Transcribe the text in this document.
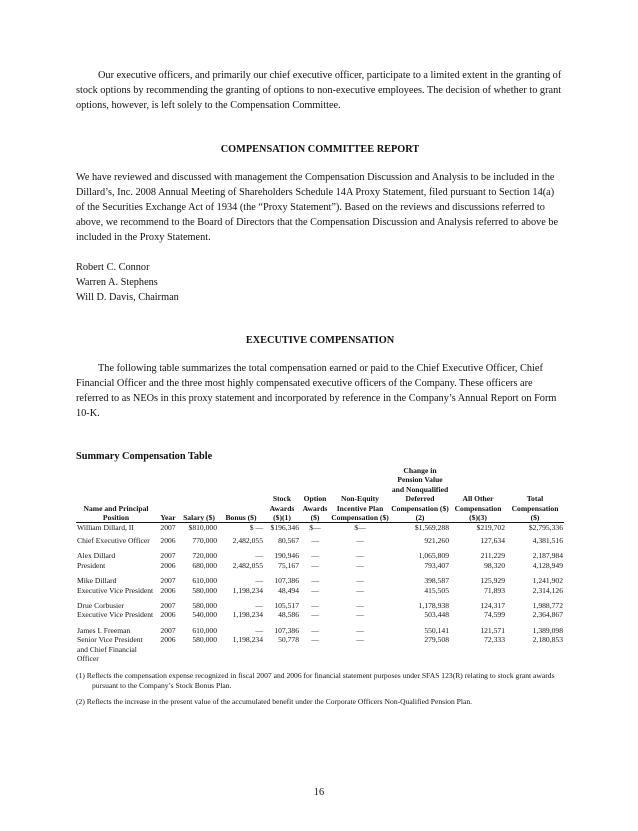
Our executive officers, and primarily our chief executive officer, participate to a limited extent in the granting of stock options by recommending the granting of options to non-executive employees. The decision of whether to grant options, however, is left solely to the Compensation Committee.

COMPENSATION COMMITTEE REPORT

We have reviewed and discussed with management the Compensation Discussion and Analysis to be included in the Dillard’s, Inc. 2008 Annual Meeting of Shareholders Schedule 14A Proxy Statement, filed pursuant to Section 14(a) of the Securities Exchange Act of 1934 (the “Proxy Statement”). Based on the reviews and discussions referred to above, we recommend to the Board of Directors that the Compensation Discussion and Analysis referred to above be included in the Proxy Statement.

Robert C. Connor

Warren A. Stephens

Will D. Davis, Chairman

EXECUTIVE COMPENSATION

The following table summarizes the total compensation earned or paid to the Chief Executive Officer, Chief Financial Officer and the three most highly compensated executive officers of the Company. These officers are referred to as NEOs in this proxy statement and incorporated by reference in the Company’s Annual Report on Form 10-K.

Summary Compensation Table

Name and Principal Position	Year	Salary ($)	Bonus ($)	Stock Awards ($)(1)	Option Awards ($)	Non-Equity Incentive Plan Compensation ($)	Change in Pension Value and Nonqualified Deferred Compensation ($)(2)	All Other Compensation ($)(3)	Total Compensation ($)
William Dillard, II	2007	$810,000	$ —	$196,346	$—	$—	$1,569,288	$219,702	$2,795,336
Chief Executive Officer	2006	770,000	2,482,055	80,567	—	—	921,260	127,634	4,381,516

Alex Dillard	2007	720,000	—	190,946	—	—	1,065,809	211,229	2,187,984
President	2006	680,000	2,482,055	75,167	—	—	793,407	98,320	4,128,949

Mike Dillard	2007	610,000	—	107,386	—	—	398,587	125,929	1,241,902
Executive Vice President	2006	580,000	1,198,234	48,494	—	—	415,505	71,893	2,314,126

Drue Corbusier	2007	580,000	—	105,517	—	—	1,178,938	124,317	1,988,772
Executive Vice President	2006	540,000	1,198,234	48,586	—	—	503,448	74,599	2,364,867

James I. Freeman	2007	610,000	—	107,386	—	—	550,141	121,571	1,389,098
Senior Vice President and Chief Financial Officer	2006	580,000	1,198,234	50,778	—	—	279,508	72,333	2,180,853

(1) Reflects the compensation expense recognized in fiscal 2007 and 2006 for financial statement purposes under SFAS 123(R) relating to stock grant awards pursuant to the Company’s Stock Bonus Plan.

(2) Reflects the increase in the present value of the accumulated benefit under the Corporate Officers Non-Qualified Pension Plan.

16
